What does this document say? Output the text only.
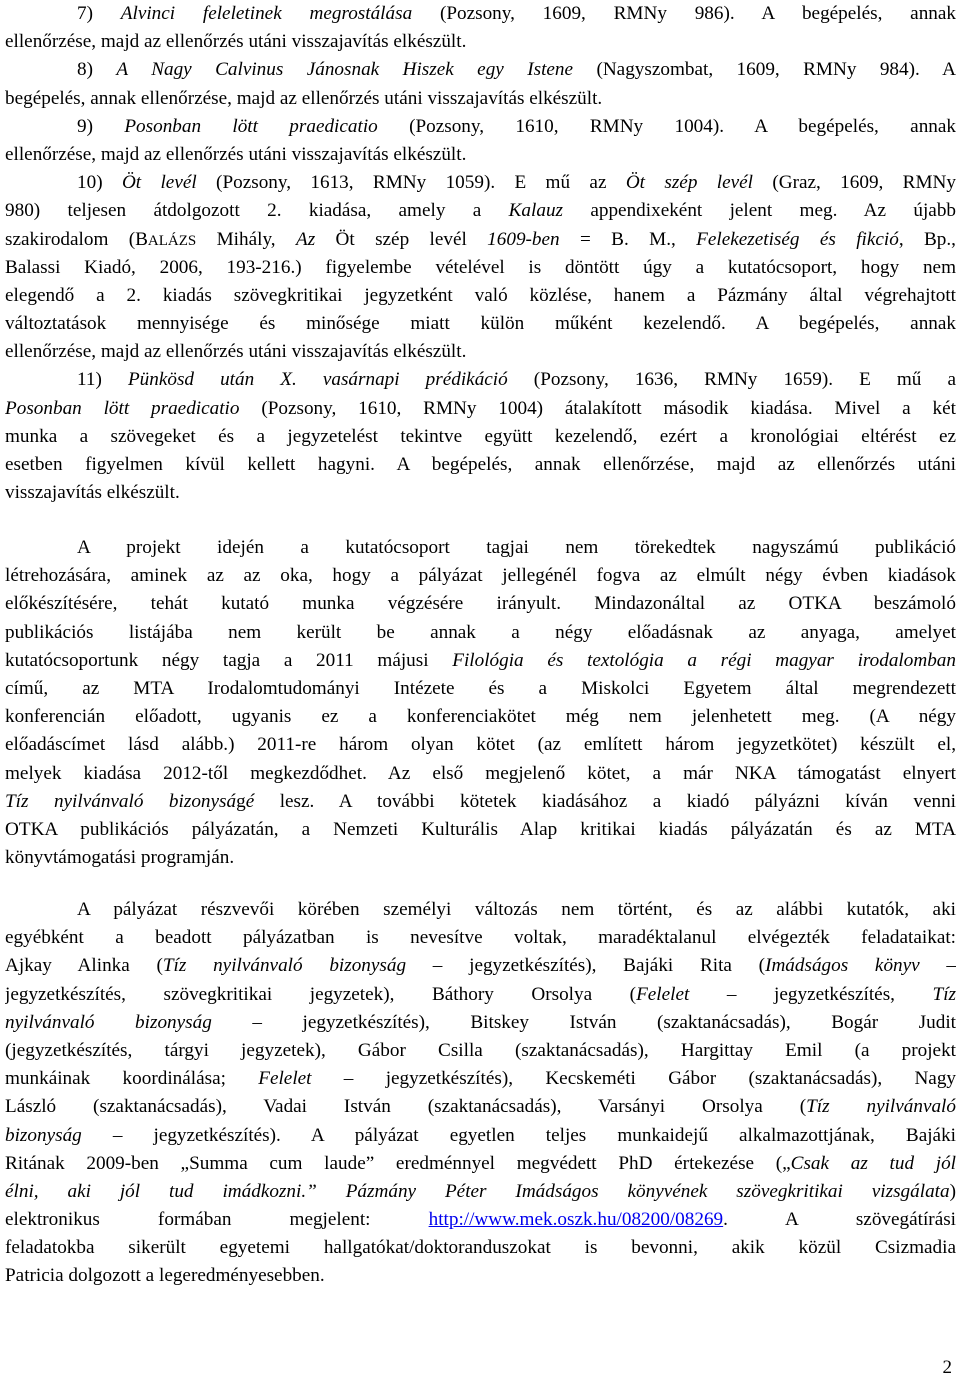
7) Alvinci feleletinek megrostálása (Pozsony, 1609, RMNy 986). A begépelés, annak
ellenőrzése, majd az ellenőrzés utáni visszajavítás elkészült.
8) A Nagy Calvinus Jánosnak Hiszek egy Istene (Nagyszombat, 1609, RMNy 984). A
begépelés, annak ellenőrzése, majd az ellenőrzés utáni visszajavítás elkészült.
9) Posonban lött praedicatio (Pozsony, 1610, RMNy 1004). A begépelés, annak
ellenőrzése, majd az ellenőrzés utáni visszajavítás elkészült.
10) Öt levél (Pozsony, 1613, RMNy 1059). E mű az Öt szép levél (Graz, 1609, RMNy
980) teljesen átdolgozott 2. kiadása, amely a Kalauz appendixeként jelent meg. Az újabb
szakirodalom (BALÁZS Mihály, Az Öt szép levél 1609-ben = B. M., Felekezetiség és fikció, Bp.,
Balassi Kiadó, 2006, 193-216.) figyelembe vételével is döntött úgy a kutatócsoport, hogy nem
elegendő a 2. kiadás szövegkritikai jegyzetként való közlése, hanem a Pázmány által végrehajtott
változtatások mennyisége és minősége miatt külön műként kezelendő. A begépelés, annak
ellenőrzése, majd az ellenőrzés utáni visszajavítás elkészült.
11) Pünkösd után X. vasárnapi prédikáció (Pozsony, 1636, RMNy 1659). E mű a
Posonban lött praedicatio (Pozsony, 1610, RMNy 1004) átalakított második kiadása. Mivel a két
munka a szövegeket és a jegyzetelést tekintve együtt kezelendő, ezért a kronológiai eltérést ez
esetben figyelmen kívül kellett hagyni. A begépelés, annak ellenőrzése, majd az ellenőrzés utáni
visszajavítás elkészült.
A projekt idején a kutatócsoport tagjai nem törekedtek nagyszámú publikáció
létrehozására, aminek az az oka, hogy a pályázat jellegénél fogva az elmúlt négy évben kiadások
előkészítésére, tehát kutató munka végzésére irányult. Mindazonáltal az OTKA beszámoló
publikációs listájába nem került be annak a négy előadásnak az anyaga, amelyet
kutatócsoportunk négy tagja a 2011 májusi Filológia és textológia a régi magyar irodalomban
című, az MTA Irodalomtudományi Intézete és a Miskolci Egyetem által megrendezett
konferencián előadott, ugyanis ez a konferenciakötet még nem jelenhetett meg. (A négy
előadáscímet lásd alább.) 2011-re három olyan kötet (az említett három jegyzetkötet) készült el,
melyek kiadása 2012-től megkezdődhet. Az első megjelenő kötet, a már NKA támogatást elnyert
Tíz nyilvánvaló bizonyságé lesz. A további kötetek kiadásához a kiadó pályázni kíván venni
OTKA publikációs pályázatán, a Nemzeti Kulturális Alap kritikai kiadás pályázatán és az MTA
könyvtámogatási programján.
A pályázat részvevői körében személyi változás nem történt, és az alábbi kutatók, aki
egyébként a beadott pályázatban is nevesítve voltak, maradéktalanul elvégezték feladataikat:
Ajkay Alinka (Tíz nyilvánvaló bizonyság – jegyzetkészítés), Bajáki Rita (Imádságos könyv –
jegyzetkészítés, szövegkritikai jegyzetek), Báthory Orsolya (Felelet – jegyzetkészítés, Tíz
nyilvánvaló bizonyság – jegyzetkészítés), Bitskey István (szaktanácsadás), Bogár Judit
(jegyzetkészítés, tárgyi jegyzetek), Gábor Csilla (szaktanácsadás), Hargittay Emil (a projekt
munkáinak koordinálása; Felelet – jegyzetkészítés), Kecskeméti Gábor (szaktanácsadás), Nagy
László (szaktanácsadás), Vadai István (szaktanácsadás), Varsányi Orsolya (Tíz nyilvánvaló
bizonyság – jegyzetkészítés). A pályázat egyetlen teljes munkaidejű alkalmazottjának, Bajáki
Ritának 2009-ben „Summa cum laude” eredménnyel megvédett PhD értekezése („Csak az tud jól
élni, aki jól tud imádkozni.” Pázmány Péter Imádságos könyvének szövegkritikai vizsgálata)
elektronikus formában megjelent: http://www.mek.oszk.hu/08200/08269. A szövegátírási
feladatokba sikerült egyetemi hallgatókat/doktoranduszokat is bevonni, akik közül Csizmadia
Patricia dolgozott a legeredményesebben.
2
